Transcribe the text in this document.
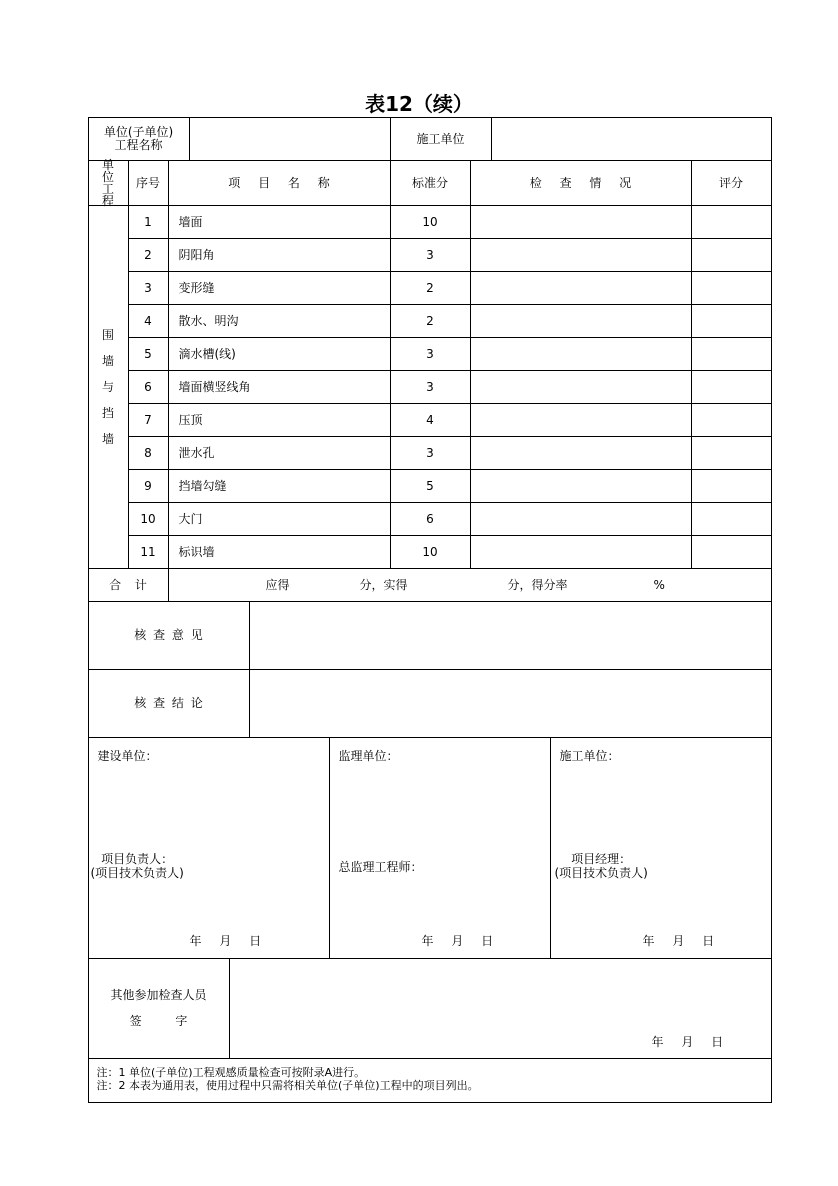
表12（续）
单位(子单位)
工程名称	施工单位
单位工程
序号	项 目 名 称	标准分	检 查 情 况	评分
围墙与挡墙
1	墙面	10
2	阴阳角	3
3	变形缝	2
4	散水、明沟	2
5	滴水槽(线)	3
6	墙面横竖线角	3
7	压顶	4
8	泄水孔	3
9	挡墙勾缝	5
10	大门	6
11	标识墙	10
合 计	应得	分，实得	分，得分率	%
核 查 意 见
核 查 结 论
建设单位：
项目负责人：
(项目技术负责人)
年 月 日
监理单位：
总监理工程师：
年 月 日
施工单位：
项目经理：
(项目技术负责人)
年 月 日
其他参加检查人员
签 字
年 月 日
注：1 单位(子单位)工程观感质量检查可按附录A进行。
注：2 本表为通用表，使用过程中只需将相关单位(子单位)工程中的项目列出。
